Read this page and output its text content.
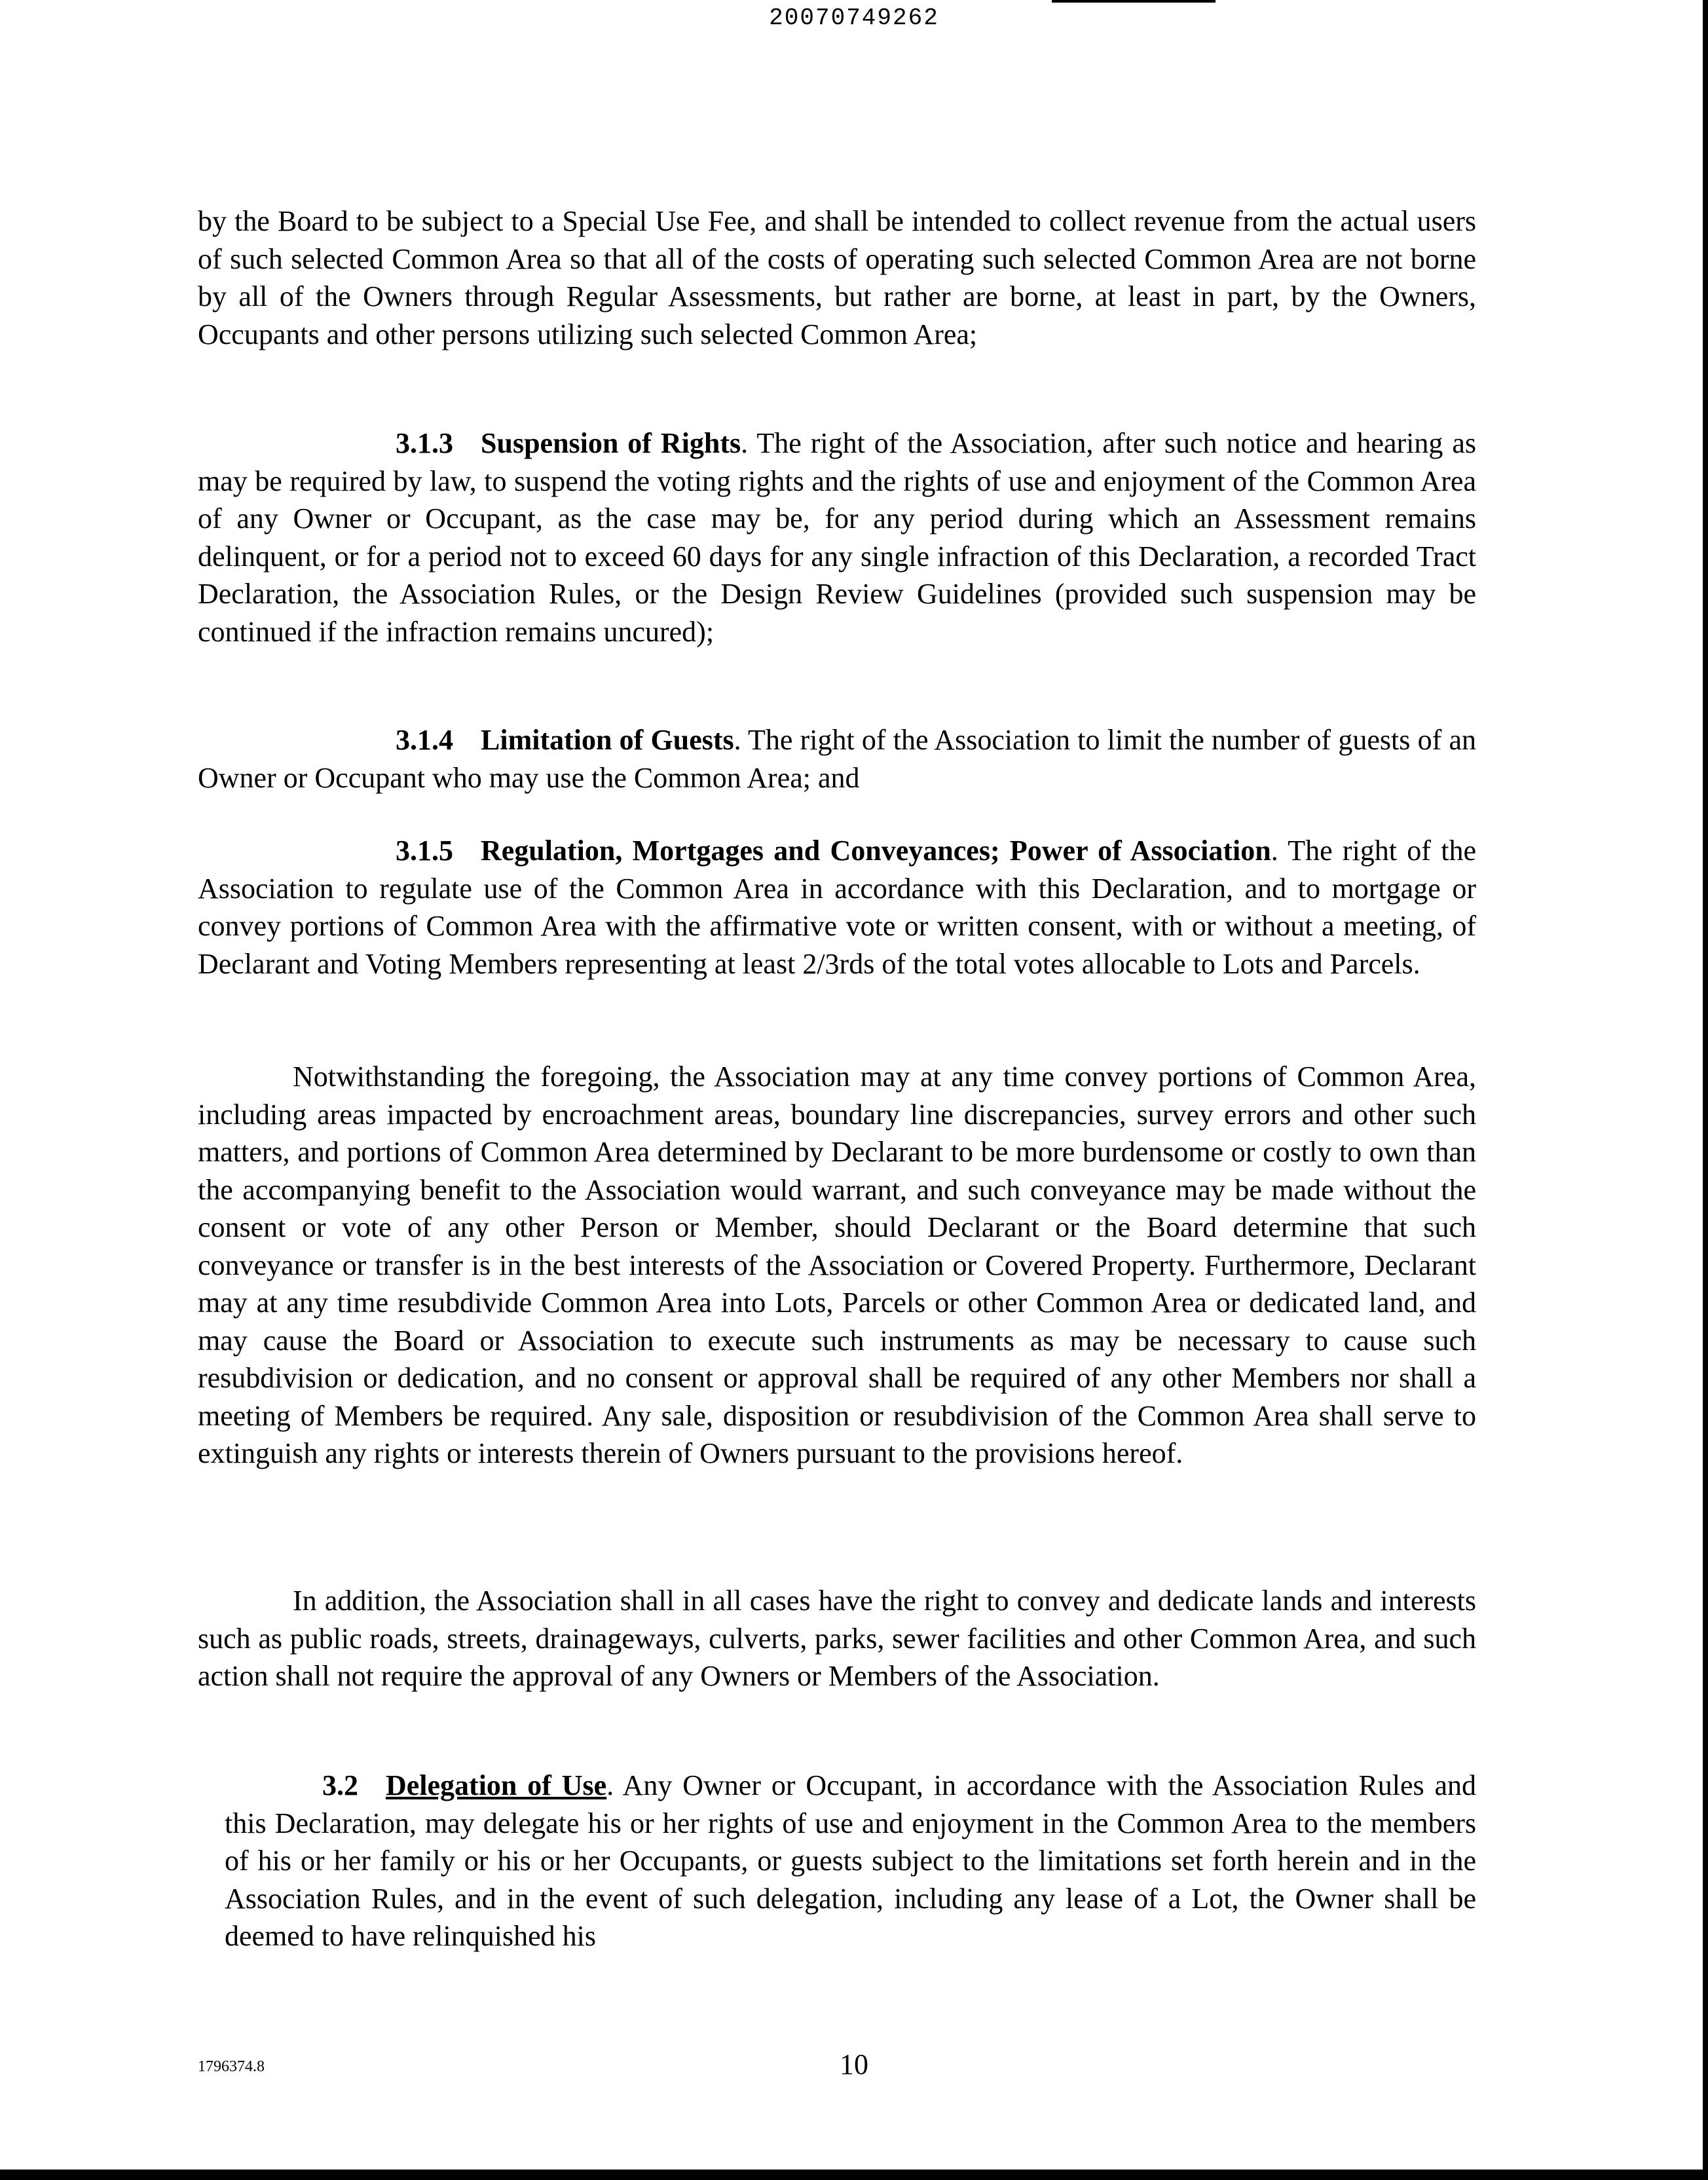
20070749262

by the Board to be subject to a Special Use Fee, and shall be intended to collect revenue from the actual users of such selected Common Area so that all of the costs of operating such selected Common Area are not borne by all of the Owners through Regular Assessments, but rather are borne, at least in part, by the Owners, Occupants and other persons utilizing such selected Common Area;

3.1.3 Suspension of Rights. The right of the Association, after such notice and hearing as may be required by law, to suspend the voting rights and the rights of use and enjoyment of the Common Area of any Owner or Occupant, as the case may be, for any period during which an Assessment remains delinquent, or for a period not to exceed 60 days for any single infraction of this Declaration, a recorded Tract Declaration, the Association Rules, or the Design Review Guidelines (provided such suspension may be continued if the infraction remains uncured);

3.1.4 Limitation of Guests. The right of the Association to limit the number of guests of an Owner or Occupant who may use the Common Area; and

3.1.5 Regulation, Mortgages and Conveyances; Power of Association. The right of the Association to regulate use of the Common Area in accordance with this Declaration, and to mortgage or convey portions of Common Area with the affirmative vote or written consent, with or without a meeting, of Declarant and Voting Members representing at least 2/3rds of the total votes allocable to Lots and Parcels.

Notwithstanding the foregoing, the Association may at any time convey portions of Common Area, including areas impacted by encroachment areas, boundary line discrepancies, survey errors and other such matters, and portions of Common Area determined by Declarant to be more burdensome or costly to own than the accompanying benefit to the Association would warrant, and such conveyance may be made without the consent or vote of any other Person or Member, should Declarant or the Board determine that such conveyance or transfer is in the best interests of the Association or Covered Property. Furthermore, Declarant may at any time resubdivide Common Area into Lots, Parcels or other Common Area or dedicated land, and may cause the Board or Association to execute such instruments as may be necessary to cause such resubdivision or dedication, and no consent or approval shall be required of any other Members nor shall a meeting of Members be required. Any sale, disposition or resubdivision of the Common Area shall serve to extinguish any rights or interests therein of Owners pursuant to the provisions hereof.

In addition, the Association shall in all cases have the right to convey and dedicate lands and interests such as public roads, streets, drainageways, culverts, parks, sewer facilities and other Common Area, and such action shall not require the approval of any Owners or Members of the Association.

3.2 Delegation of Use. Any Owner or Occupant, in accordance with the Association Rules and this Declaration, may delegate his or her rights of use and enjoyment in the Common Area to the members of his or her family or his or her Occupants, or guests subject to the limitations set forth herein and in the Association Rules, and in the event of such delegation, including any lease of a Lot, the Owner shall be deemed to have relinquished his

1796374.8	10
